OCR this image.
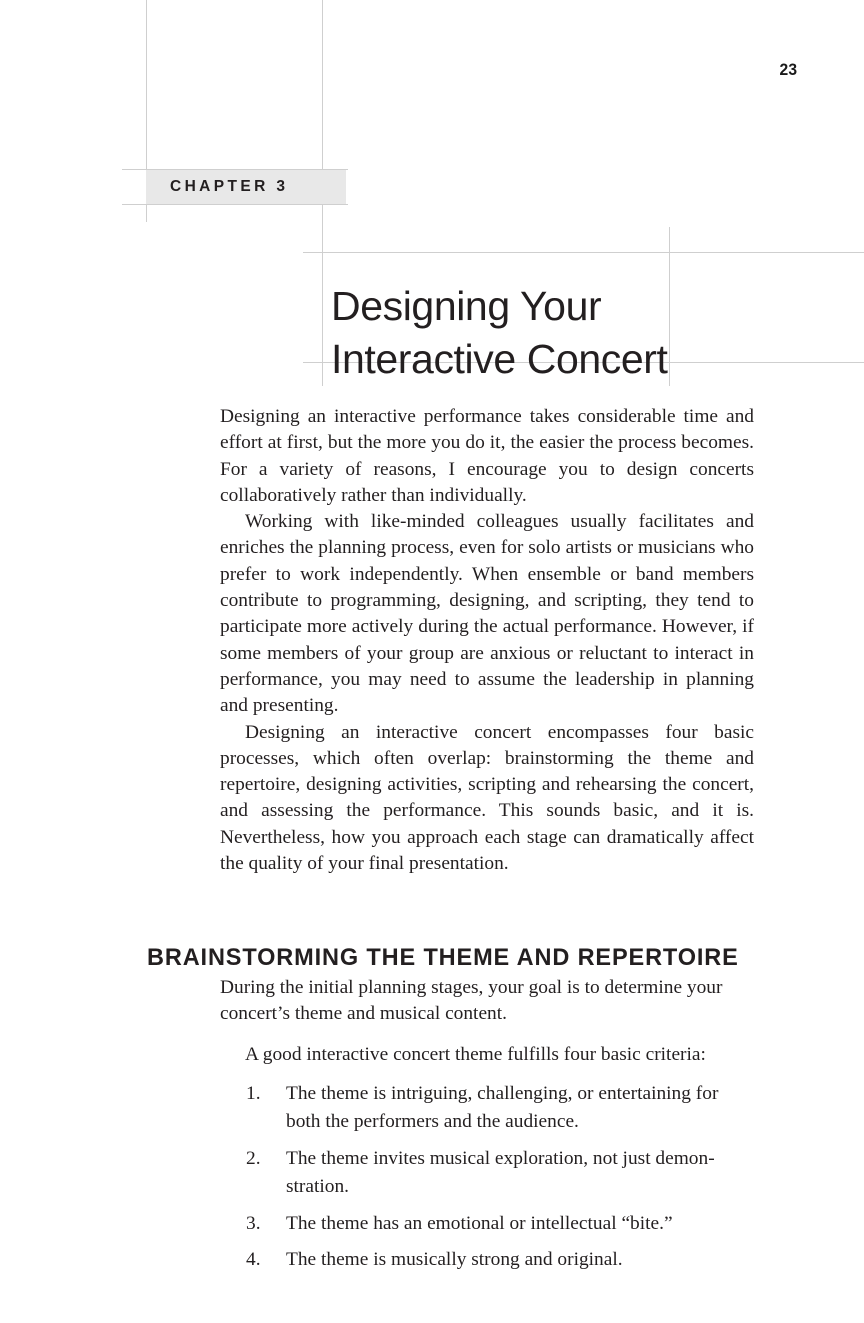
23
CHAPTER 3
Designing Your
Interactive Concert

Designing an interactive performance takes considerable time and effort at first, but the more you do it, the easier the process becomes. For a variety of reasons, I encourage you to design concerts collaboratively rather than individually.

Working with like-minded colleagues usually facilitates and enriches the planning process, even for solo artists or musicians who prefer to work independently. When ensemble or band members contribute to programming, designing, and scripting, they tend to participate more actively during the actual performance. However, if some members of your group are anxious or reluctant to interact in performance, you may need to assume the leadership in planning and presenting.

Designing an interactive concert encompasses four basic processes, which often overlap: brainstorming the theme and repertoire, designing activities, scripting and rehearsing the concert, and assessing the performance. This sounds basic, and it is. Nevertheless, how you approach each stage can dramatically affect the quality of your final presentation.

BRAINSTORMING THE THEME AND REPERTOIRE

During the initial planning stages, your goal is to determine your concert’s theme and musical content.

A good interactive concert theme fulfills four basic criteria:

1.	The theme is intriguing, challenging, or entertaining for both the performers and the audience.
2.	The theme invites musical exploration, not just demon-stration.
3.	The theme has an emotional or intellectual “bite.”
4.	The theme is musically strong and original.
